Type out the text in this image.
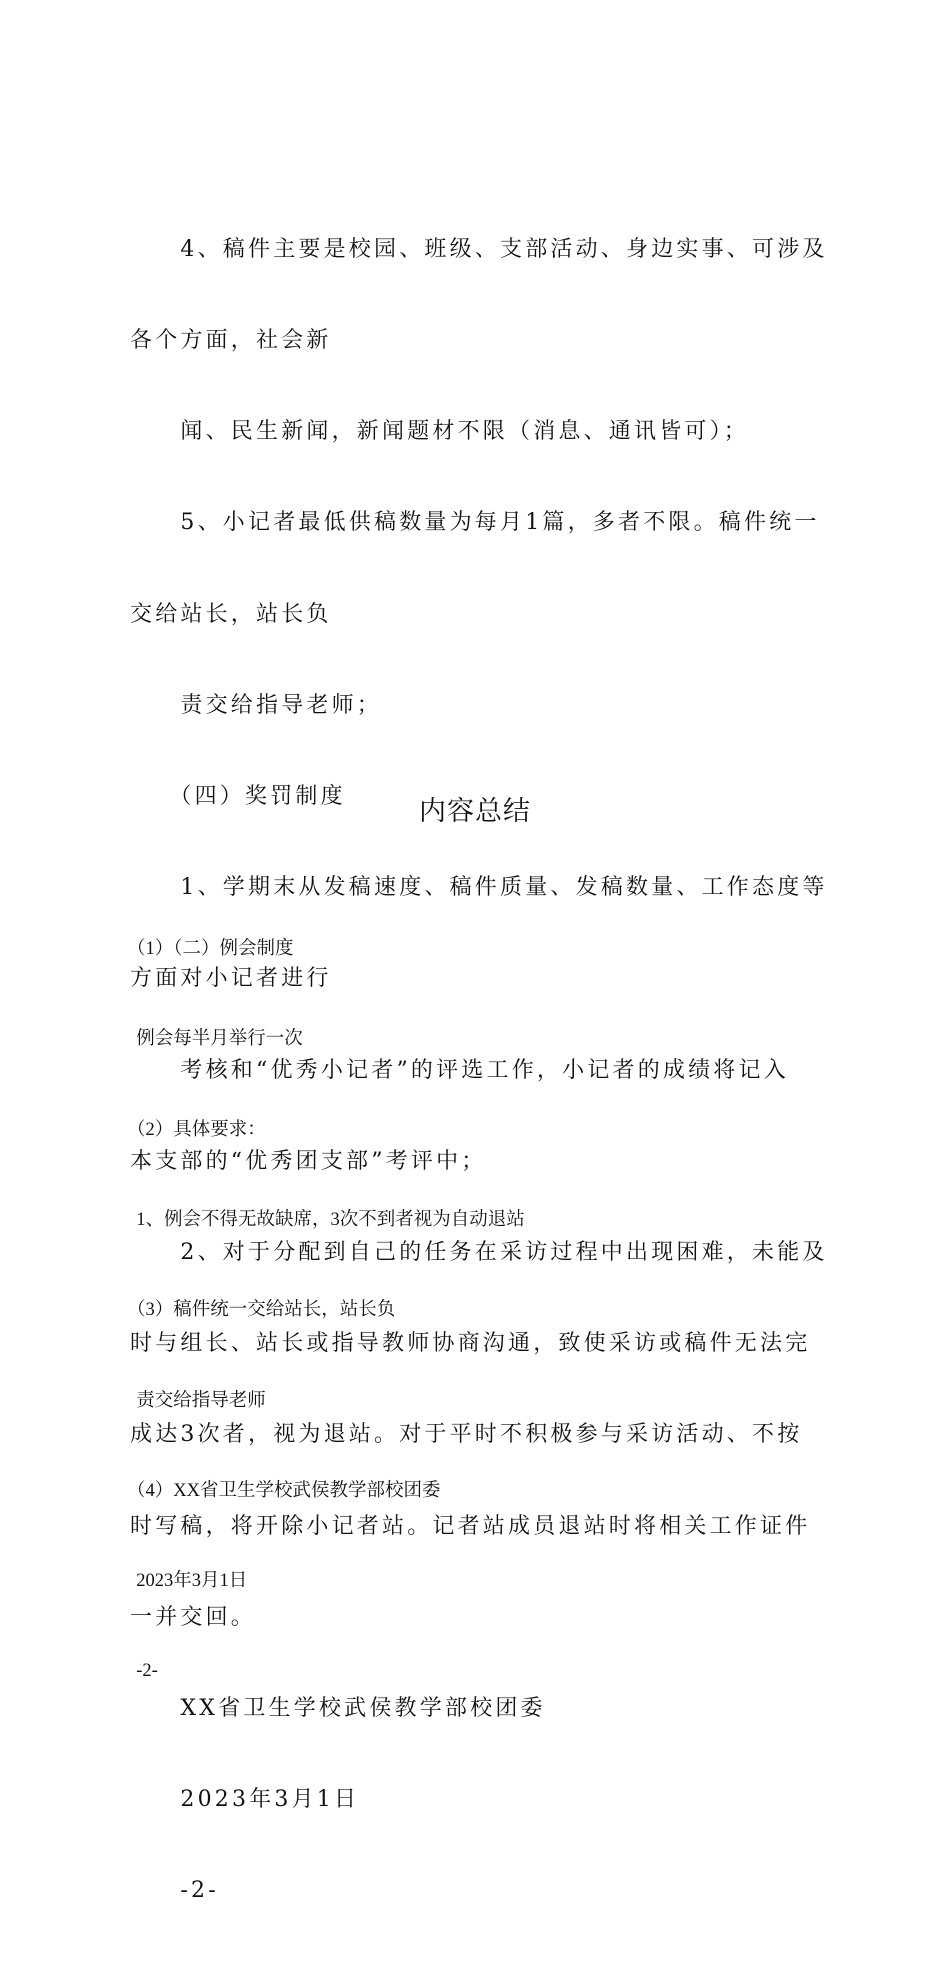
　　4、稿件主要是校园、班级、支部活动、身边实事、可涉及

各个方面，社会新

　　闻、民生新闻，新闻题材不限（消息、通讯皆可）；

　　5、小记者最低供稿数量为每月1篇，多者不限。稿件统一

交给站长，站长负

　　责交给指导老师；

　　（四）奖罚制度

　　1、学期末从发稿速度、稿件质量、发稿数量、工作态度等

方面对小记者进行

　　考核和“优秀小记者”的评选工作，小记者的成绩将记入

本支部的“优秀团支部”考评中；

　　2、对于分配到自己的任务在采访过程中出现困难，未能及

时与组长、站长或指导教师协商沟通，致使采访或稿件无法完

成达3次者，视为退站。对于平时不积极参与采访活动、不按

时写稿，将开除小记者站。记者站成员退站时将相关工作证件

一并交回。

　　XX省卫生学校武侯教学部校团委

　　2023年3月1日

　　-2-

内容总结

（1）（二）例会制度

例会每半月举行一次

（2）具体要求：

1、例会不得无故缺席，3次不到者视为自动退站

（3）稿件统一交给站长，站长负

责交给指导老师

（4）XX省卫生学校武侯教学部校团委

2023年3月1日

-2-
